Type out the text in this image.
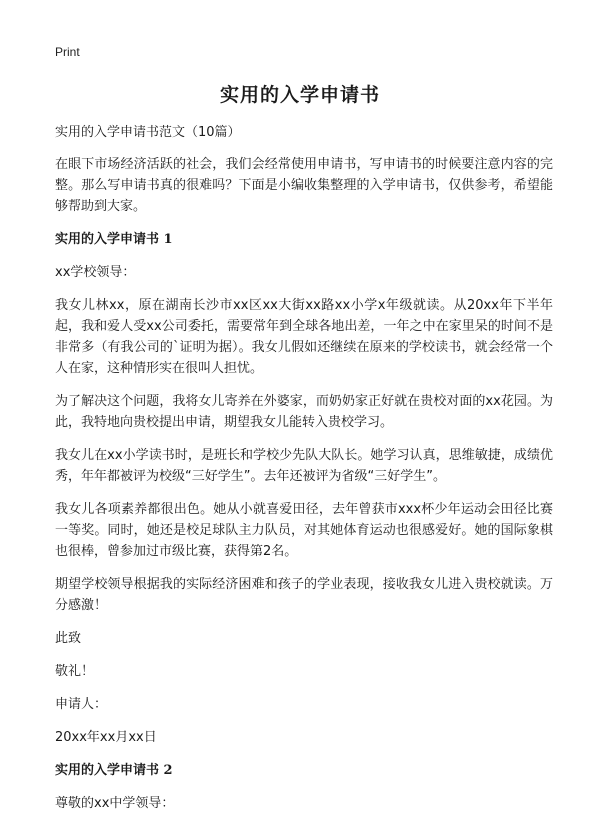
Print
实用的入学申请书

实用的入学申请书范文（10篇）

在眼下市场经济活跃的社会，我们会经常使用申请书，写申请书的时候要注意内容的完整。那么写申请书真的很难吗？下面是小编收集整理的入学申请书，仅供参考，希望能够帮助到大家。

实用的入学申请书 1

xx学校领导：

我女儿林xx，原在湖南长沙市xx区xx大街xx路xx小学x年级就读。从20xx年下半年起，我和爱人受xx公司委托，需要常年到全球各地出差，一年之中在家里呆的时间不是非常多（有我公司的`证明为据）。我女儿假如还继续在原来的学校读书，就会经常一个人在家，这种情形实在很叫人担忧。

为了解决这个问题，我将女儿寄养在外婆家，而奶奶家正好就在贵校对面的xx花园。为此，我特地向贵校提出申请，期望我女儿能转入贵校学习。

我女儿在xx小学读书时，是班长和学校少先队大队长。她学习认真，思维敏捷，成绩优秀，年年都被评为校级“三好学生”。去年还被评为省级“三好学生”。

我女儿各项素养都很出色。她从小就喜爱田径，去年曾获市xxx杯少年运动会田径比赛一等奖。同时，她还是校足球队主力队员，对其她体育运动也很感爱好。她的国际象棋也很棒，曾参加过市级比赛，获得第2名。

期望学校领导根据我的实际经济困难和孩子的学业表现，接收我女儿进入贵校就读。万分感激！

此致

敬礼！

申请人：

20xx年xx月xx日

实用的入学申请书 2

尊敬的xx中学领导：
